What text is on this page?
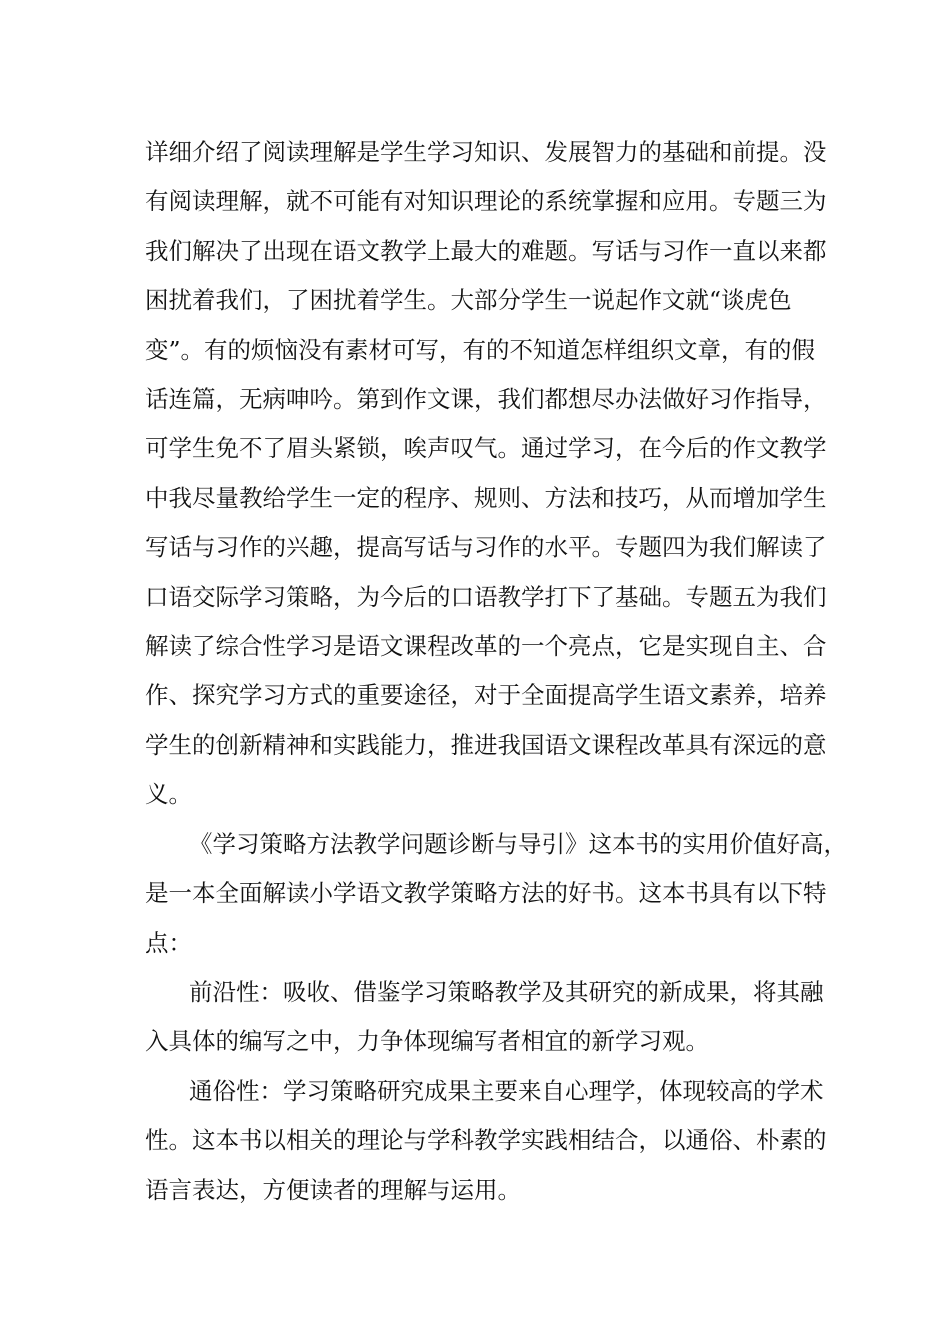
详细介绍了阅读理解是学生学习知识、发展智力的基础和前提。没
有阅读理解，就不可能有对知识理论的系统掌握和应用。专题三为
我们解决了出现在语文教学上最大的难题。写话与习作一直以来都
困扰着我们，了困扰着学生。大部分学生一说起作文就“谈虎色
变”。有的烦恼没有素材可写，有的不知道怎样组织文章，有的假
话连篇，无病呻吟。第到作文课，我们都想尽办法做好习作指导，
可学生免不了眉头紧锁，唉声叹气。通过学习，在今后的作文教学
中我尽量教给学生一定的程序、规则、方法和技巧，从而增加学生
写话与习作的兴趣，提高写话与习作的水平。专题四为我们解读了
口语交际学习策略，为今后的口语教学打下了基础。专题五为我们
解读了综合性学习是语文课程改革的一个亮点，它是实现自主、合
作、探究学习方式的重要途径，对于全面提高学生语文素养，培养
学生的创新精神和实践能力，推进我国语文课程改革具有深远的意
义。
《学习策略方法教学问题诊断与导引》这本书的实用价值好高，
是一本全面解读小学语文教学策略方法的好书。这本书具有以下特
点：
前沿性：吸收、借鉴学习策略教学及其研究的新成果，将其融
入具体的编写之中，力争体现编写者相宜的新学习观。
通俗性：学习策略研究成果主要来自心理学，体现较高的学术
性。这本书以相关的理论与学科教学实践相结合，以通俗、朴素的
语言表达，方便读者的理解与运用。
